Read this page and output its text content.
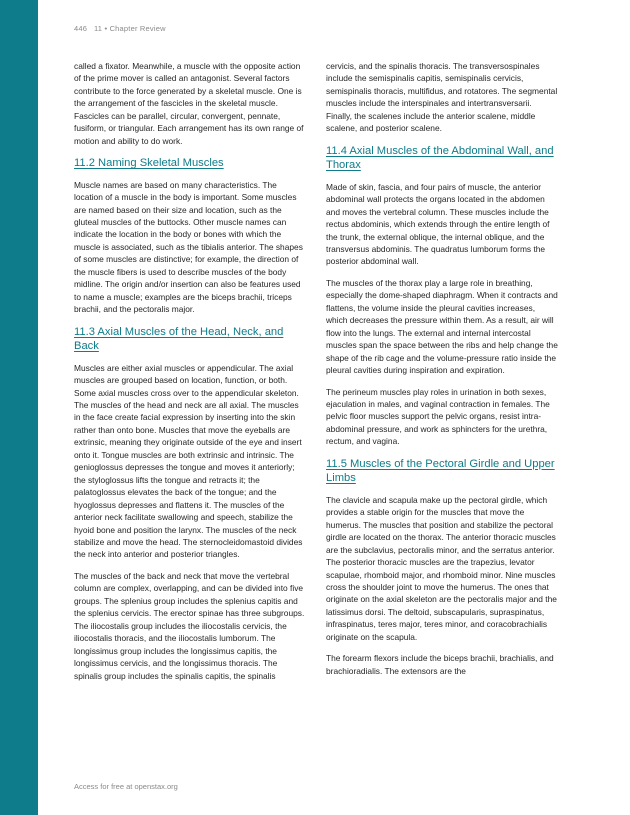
446 11 • Chapter Review

called a fixator. Meanwhile, a muscle with the opposite action of the prime mover is called an antagonist. Several factors contribute to the force generated by a skeletal muscle. One is the arrangement of the fascicles in the skeletal muscle. Fascicles can be parallel, circular, convergent, pennate, fusiform, or triangular. Each arrangement has its own range of motion and ability to do work.

11.2 Naming Skeletal Muscles

Muscle names are based on many characteristics. The location of a muscle in the body is important. Some muscles are named based on their size and location, such as the gluteal muscles of the buttocks. Other muscle names can indicate the location in the body or bones with which the muscle is associated, such as the tibialis anterior. The shapes of some muscles are distinctive; for example, the direction of the muscle fibers is used to describe muscles of the body midline. The origin and/or insertion can also be features used to name a muscle; examples are the biceps brachii, triceps brachii, and the pectoralis major.

11.3 Axial Muscles of the Head, Neck, and Back

Muscles are either axial muscles or appendicular. The axial muscles are grouped based on location, function, or both. Some axial muscles cross over to the appendicular skeleton. The muscles of the head and neck are all axial. The muscles in the face create facial expression by inserting into the skin rather than onto bone. Muscles that move the eyeballs are extrinsic, meaning they originate outside of the eye and insert onto it. Tongue muscles are both extrinsic and intrinsic. The genioglossus depresses the tongue and moves it anteriorly; the styloglossus lifts the tongue and retracts it; the palatoglossus elevates the back of the tongue; and the hyoglossus depresses and flattens it. The muscles of the anterior neck facilitate swallowing and speech, stabilize the hyoid bone and position the larynx. The muscles of the neck stabilize and move the head. The sternocleidomastoid divides the neck into anterior and posterior triangles.

The muscles of the back and neck that move the vertebral column are complex, overlapping, and can be divided into five groups. The splenius group includes the splenius capitis and the splenius cervicis. The erector spinae has three subgroups. The iliocostalis group includes the iliocostalis cervicis, the iliocostalis thoracis, and the iliocostalis lumborum. The longissimus group includes the longissimus capitis, the longissimus cervicis, and the longissimus thoracis. The spinalis group includes the spinalis capitis, the spinalis

cervicis, and the spinalis thoracis. The transversospinales include the semispinalis capitis, semispinalis cervicis, semispinalis thoracis, multifidus, and rotatores. The segmental muscles include the interspinales and intertransversarii. Finally, the scalenes include the anterior scalene, middle scalene, and posterior scalene.

11.4 Axial Muscles of the Abdominal Wall, and Thorax

Made of skin, fascia, and four pairs of muscle, the anterior abdominal wall protects the organs located in the abdomen and moves the vertebral column. These muscles include the rectus abdominis, which extends through the entire length of the trunk, the external oblique, the internal oblique, and the transversus abdominis. The quadratus lumborum forms the posterior abdominal wall.

The muscles of the thorax play a large role in breathing, especially the dome-shaped diaphragm. When it contracts and flattens, the volume inside the pleural cavities increases, which decreases the pressure within them. As a result, air will flow into the lungs. The external and internal intercostal muscles span the space between the ribs and help change the shape of the rib cage and the volume-pressure ratio inside the pleural cavities during inspiration and expiration.

The perineum muscles play roles in urination in both sexes, ejaculation in males, and vaginal contraction in females. The pelvic floor muscles support the pelvic organs, resist intra-abdominal pressure, and work as sphincters for the urethra, rectum, and vagina.

11.5 Muscles of the Pectoral Girdle and Upper Limbs

The clavicle and scapula make up the pectoral girdle, which provides a stable origin for the muscles that move the humerus. The muscles that position and stabilize the pectoral girdle are located on the thorax. The anterior thoracic muscles are the subclavius, pectoralis minor, and the serratus anterior. The posterior thoracic muscles are the trapezius, levator scapulae, rhomboid major, and rhomboid minor. Nine muscles cross the shoulder joint to move the humerus. The ones that originate on the axial skeleton are the pectoralis major and the latissimus dorsi. The deltoid, subscapularis, supraspinatus, infraspinatus, teres major, teres minor, and coracobrachialis originate on the scapula.

The forearm flexors include the biceps brachii, brachialis, and brachioradialis. The extensors are the

Access for free at openstax.org
